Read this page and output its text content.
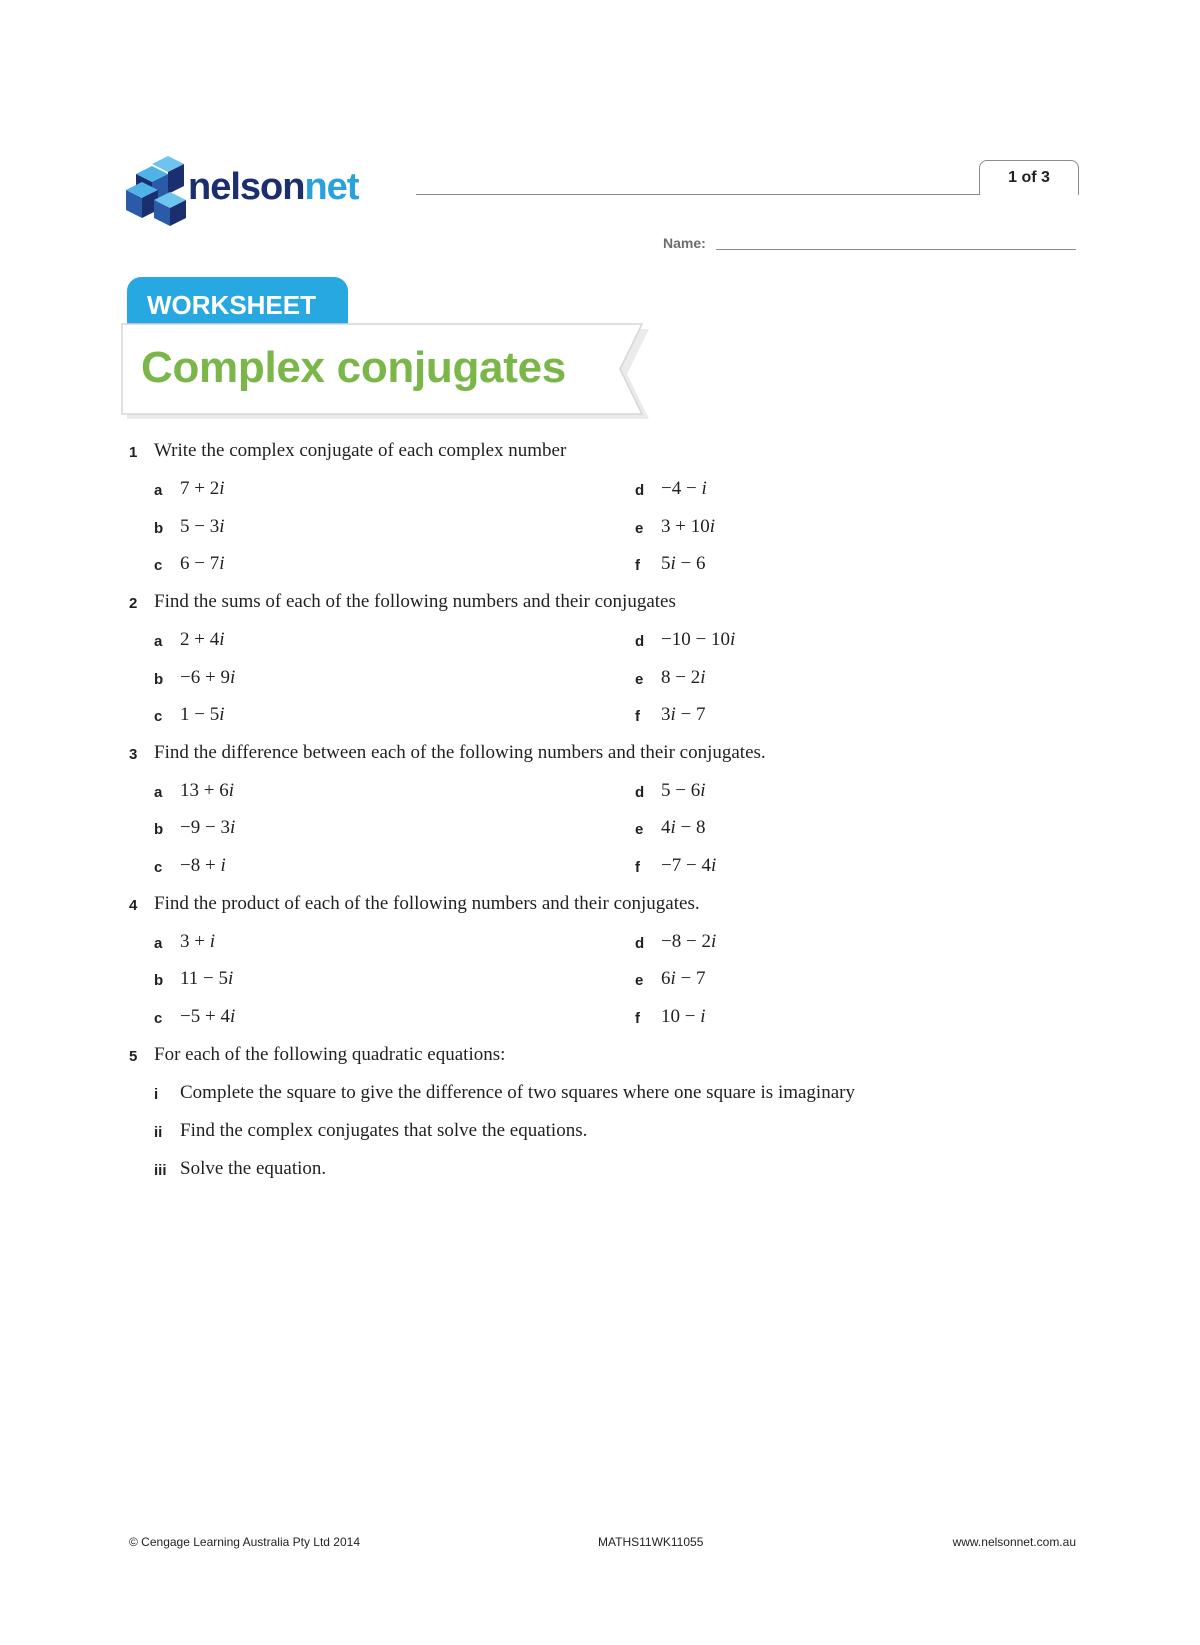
nelsonnet	1 of 3
Name:
WORKSHEET
Complex conjugates
1 Write the complex conjugate of each complex number
a 7 + 2i
b 5 − 3i
c 6 − 7i
d −4 − i
e 3 + 10i
f 5i − 6
2 Find the sums of each of the following numbers and their conjugates
a 2 + 4i
b −6 + 9i
c 1 − 5i
d −10 − 10i
e 8 − 2i
f 3i − 7
3 Find the difference between each of the following numbers and their conjugates.
a 13 + 6i
b −9 − 3i
c −8 + i
d 5 − 6i
e 4i − 8
f −7 − 4i
4 Find the product of each of the following numbers and their conjugates.
a 3 + i
b 11 − 5i
c −5 + 4i
d −8 − 2i
e 6i − 7
f 10 − i
5 For each of the following quadratic equations:
i Complete the square to give the difference of two squares where one square is imaginary
ii Find the complex conjugates that solve the equations.
iii Solve the equation.
© Cengage Learning Australia Pty Ltd 2014	MATHS11WK11055	www.nelsonnet.com.au
